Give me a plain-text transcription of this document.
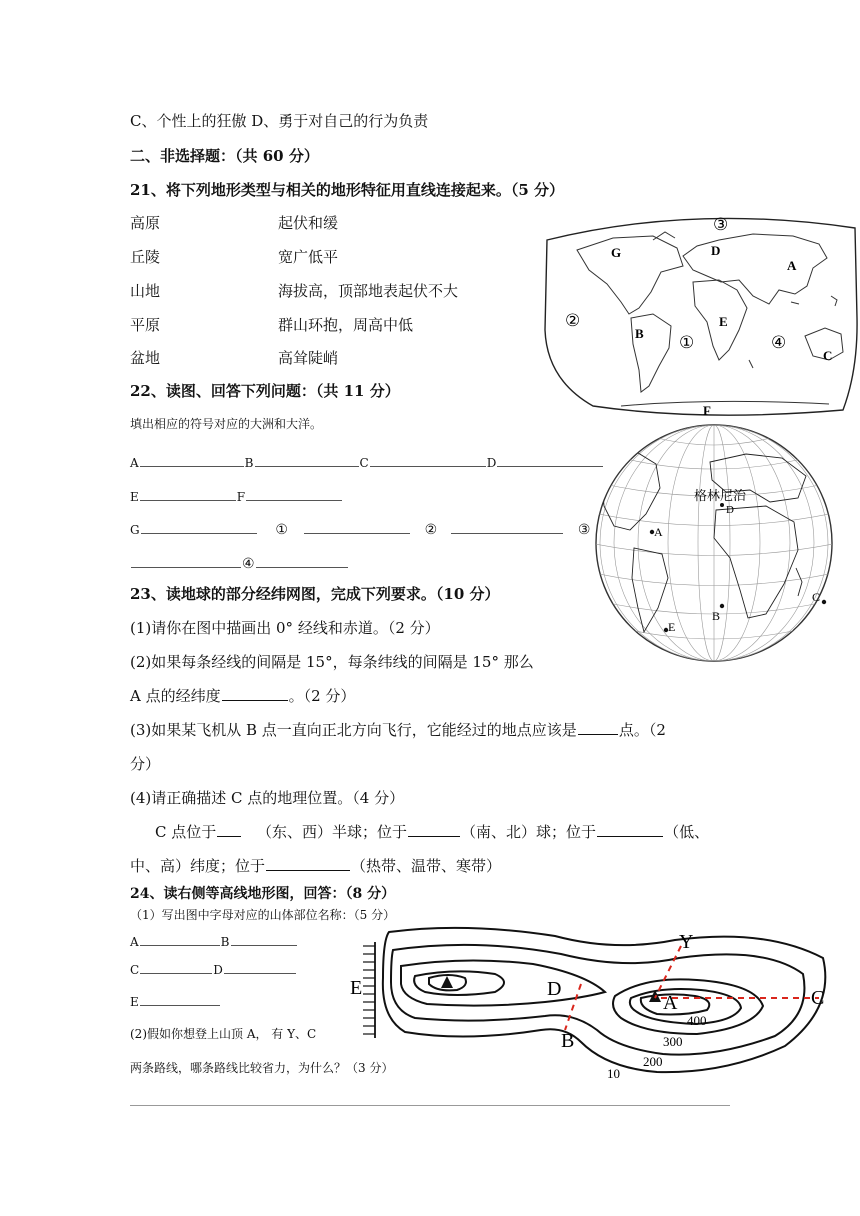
C、个性上的狂傲 D、勇于对自己的行为负责
二、非选择题：（共 60 分）
21、将下列地形类型与相关的地形特征用直线连接起来。（5 分）
高原	起伏和缓
丘陵	宽广低平
山地	海拔高，顶部地表起伏不大
平原	群山环抱，周高中低
盆地	高耸陡峭
G	D
A
B
E
C
F
①
②
③
④
22、读图、回答下列问题：（共 11 分）
填出相应的符号对应的大洲和大洋。
A	B	C	D
E	F
G	①	②	③
④
格林尼治
D
A
B
C
E
23、读地球的部分经纬网图，完成下列要求。（10 分）
(1)请你在图中描画出 0° 经线和赤道。（2 分）
(2)如果每条经线的间隔是 15°，每条纬线的间隔是 15° 那么
A 点的经纬度	。（2 分）
(3)如果某飞机从 B 点一直向正北方向飞行，它能经过的地点应该是	点。（2
分）
(4)请正确描述 C 点的地理位置。（4 分）
C 点位于	（东、西）半球；位于	（南、北）球；位于	（低、
中、高）纬度；位于	（热带、温带、寒带）
24、读右侧等高线地形图，回答：（8 分）
（1）写出图中字母对应的山体部位名称：（5 分）
A	B
C	D
E
(2)假如你想登上山顶 A， 有 Y、C
两条路线，哪条路线比较省力，为什么？（3 分）
E	D
A
B
C
Y
400
300
200
10
